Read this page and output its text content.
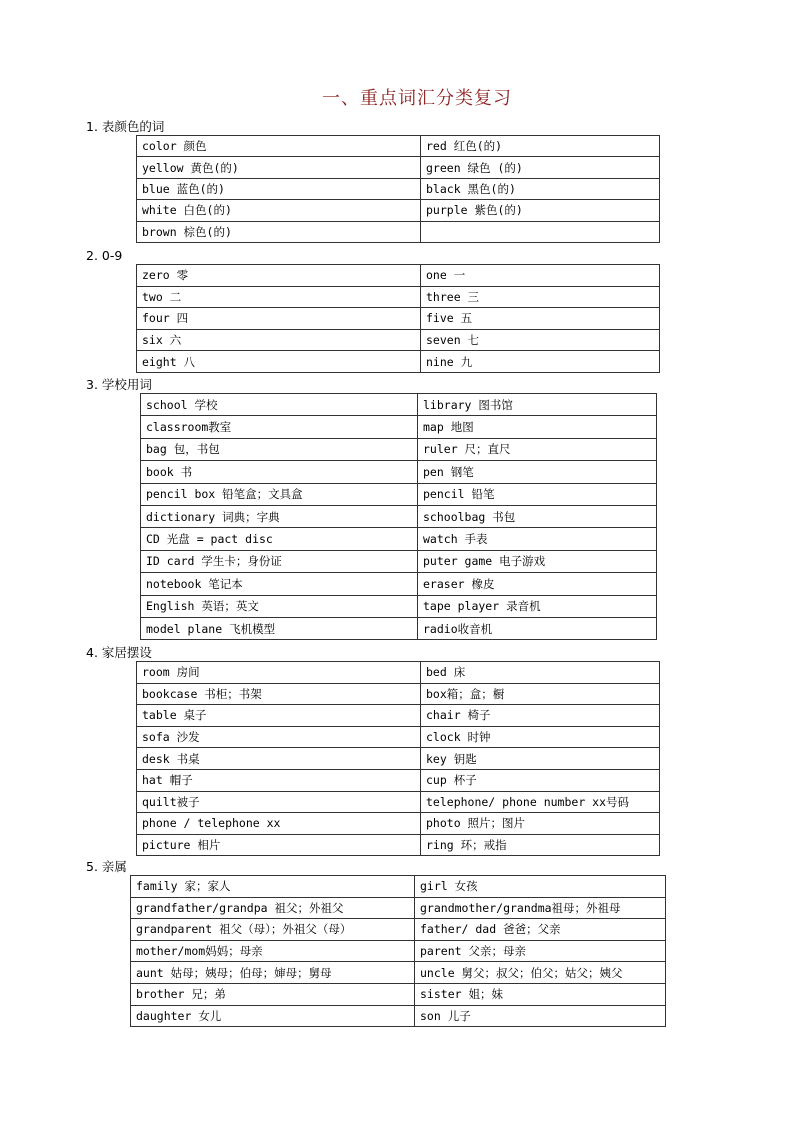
一、重点词汇分类复习
1. 表颜色的词
color 颜色	red 红色(的)
yellow 黄色(的)	green 绿色 (的)
blue 蓝色(的)	black 黑色(的)
white 白色(的)	purple 紫色(的)
brown 棕色(的)	
2. 0-9
zero 零	one 一
two 二	three 三
four 四	five 五
six 六	seven 七
eight 八	nine 九
3. 学校用词
school 学校	library 图书馆
classroom教室	map 地图
bag 包，书包	ruler 尺；直尺
book 书	pen 钢笔
pencil box 铅笔盒；文具盒	pencil 铅笔
dictionary 词典；字典	schoolbag 书包
CD 光盘 = pact disc	watch 手表
ID card 学生卡；身份证	puter game 电子游戏
notebook 笔记本	eraser 橡皮
English 英语；英文	tape player 录音机
model plane 飞机模型	radio收音机
4. 家居摆设
room 房间	bed 床
bookcase 书柜；书架	box箱；盒；橱
table 桌子	chair 椅子
sofa 沙发	clock 时钟
desk 书桌	key 钥匙
hat 帽子	cup 杯子
quilt被子	telephone/ phone number xx号码
phone / telephone xx	photo 照片；图片
picture 相片	ring 环；戒指
5. 亲属
family 家；家人	girl 女孩
grandfather/grandpa 祖父；外祖父	grandmother/grandma祖母；外祖母
grandparent 祖父（母）；外祖父（母）	father/ dad 爸爸；父亲
mother/mom妈妈；母亲	parent 父亲；母亲
aunt 姑母；姨母；伯母；婶母；舅母	uncle 舅父；叔父；伯父；姑父；姨父
brother 兄；弟	sister 姐；妹
daughter 女儿	son 儿子
